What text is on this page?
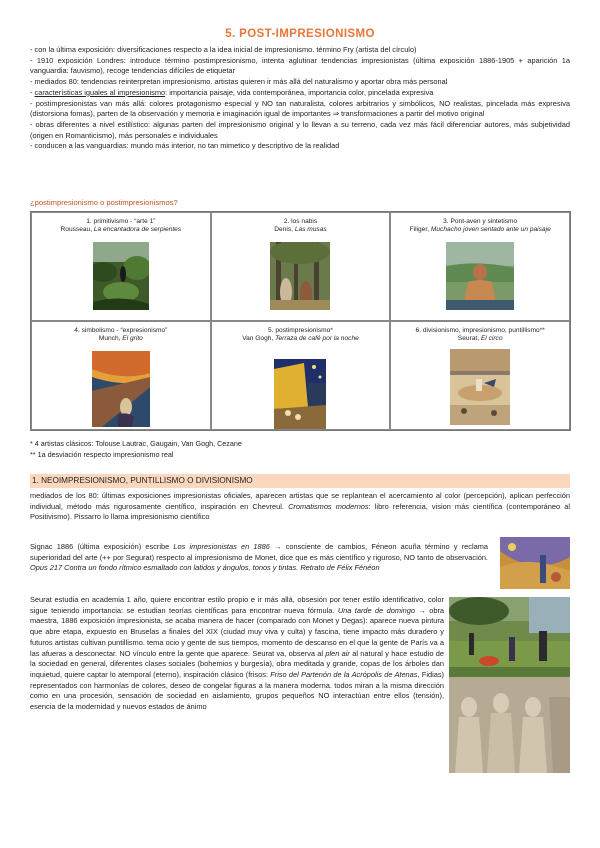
5. POST-IMPRESIONISMO

- con la última exposición: diversificaciones respecto a la idea inicial de impresionismo. término Fry (artista del círculo)

- 1910 exposición Londres: introduce término postimpresionismo, intenta aglutinar tendencias impresionistas (última exposición 1886-1905 + aparición 1a vanguardia: fauvismo), recoge tendencias difíciles de etiquetar

- mediados 80: tendencias reinterpretan impresionismo. artistas quieren ir más allá del naturalismo y aportar obra más personal

- características iguales al impresionismo: importancia paisaje, vida contemporánea, importancia color, pincelada expresiva

- postimpresionistas van más allá: colores protagonismo especial y NO tan naturalista, colores arbitrarios y simbólicos, NO realistas, pincelada más expresiva (distorsiona fomas), parten de la observación y memoria e imaginación igual de importantes ⇒ transformaciones a partir del motivo original

- obras diferentes a nivel estilístico: algunas parten del impresionismo original y lo llevan a su terreno, cada vez más fácil diferenciar autores, más subjetividad (origen en Romanticismo), más personales e individuales

- conducen a las vanguardias: mundo más interior, no tan mimetico y descriptivo de la realidad

¿postimpresionismo o postimpresionismos?
1. primitivismo - “arte 1”
Rousseau, La encantadora de serpientes
2. los nabis
Denis, Las musas
3. Pont-aven y sintetismo
Filiger, Muchacho joven sentado ante un paisaje
4. simbolismo - “expresionismo”
Munch, El grito
5. postimpresionismo*
Van Gogh, Terraza de café por la noche
6. divisionismo, impresionismo, puntillismo**
Seurat, El circo

* 4 artistas clásicos: Tolouse Lautrac, Gaugain, Van Gogh, Cezane

** 1a desviación respecto impresionismo real

1. NEOIMPRESIONISMO, PUNTILLISMO O DIVISIONISMO

mediados de los 80: últimas exposiciones impresionistas oficiales, aparecen artistas que se replantean el acercamiento al color (percepción), aplican perfección individual, método más rigurosamente científico, inspiración en Chevreul. Cromatismos modernos: libro referencia, vision más científica (contemporáneo al Positivismo). Pissarro lo llama impresionismo científico

Signac 1886 (última exposición) escribe Los impresionistas en 1886 → consciente de cambios, Féneon acuña término y reclama superioridad del arte (++ por Segurat) respecto al impresionismo de Monet, dice que es más científico y riguroso, NO tanto de observación. Opus 217 Contra un fondo rítmico esmaltado con latidos y ángulos, tonos y tintas. Retrato de Félix Fénéon

Seurat estudia en academia 1 año, quiere encontrar estilo propio e ir más allá, obsesión por tener estilo identificativo, color sigue teniendo importancia: se estudian teorías científicas para encontrar nueva fórmula. Una tarde de domingo → obra maestra, 1886 exposición impresionista, se acaba manera de hacer (comparado con Monet y Degas): aparece nueva pintura que abre etapa, expuesto en Bruselas a finales del XIX (ciudad muy viva y culta) y fascina, tiene impacto más duradero y futuros artistas cultivan puntillismo. tema ocio y gente de sus tiempos, momento de descanso en el que la gente de París va a las afueras a desconectar. NO vínculo entre la gente que aparece. Seurat va, observa al plen air al natural y hace estudio de la sociedad en general, diferentes clases sociales (bohemios y burgesía), obra meditada y grande, copas de los árboles dan inquietud, quiere captar lo atemporal (eterno), inspiración clásico (frisos: Friso del Partenón de la Acrópolis de Atenas, Fidias) representados con harmonías de colores, deseo de congelar figuras a la manera moderna. todos miran a la misma dirección como en una procesión, sensación de sociedad en aislamiento, grupos pequeños NO interactúan entre ellos (tensión), esencia de la modernidad y nuevos estados de ánimo
